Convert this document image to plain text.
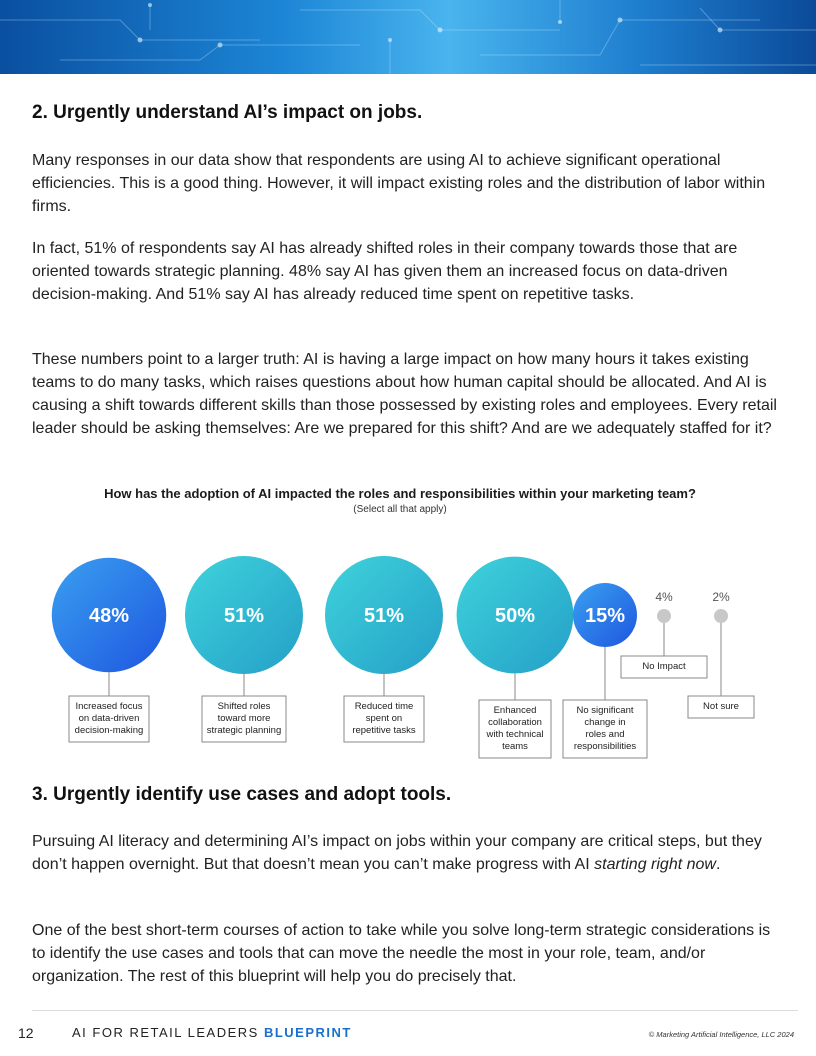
2. Urgently understand AI’s impact on jobs.

Many responses in our data show that respondents are using AI to achieve significant operational efficiencies. This is a good thing. However, it will impact existing roles and the distribution of labor within firms.

In fact, 51% of respondents say AI has already shifted roles in their company towards those that are oriented towards strategic planning. 48% say AI has given them an increased focus on data-driven decision-making. And 51% say AI has already reduced time spent on repetitive tasks.

These numbers point to a larger truth: AI is having a large impact on how many hours it takes existing teams to do many tasks, which raises questions about how human capital should be allocated. And AI is causing a shift towards different skills than those possessed by existing roles and employees. Every retail leader should be asking themselves: Are we prepared for this shift? And are we adequately staffed for it?

How has the adoption of AI impacted the roles and responsibilities within your marketing team?
(Select all that apply)
48%
Increased focus on data-driven decision-making
51%
Shifted roles toward more strategic planning
51%
Reduced time spent on repetitive tasks
50%
Enhanced collaboration with technical teams
15%
No significant change in roles and responsibilities
4%
No Impact
2%
Not sure
3. Urgently identify use cases and adopt tools.

Pursuing AI literacy and determining AI’s impact on jobs within your company are critical steps, but they don’t happen overnight. But that doesn’t mean you can’t make progress with AI starting right now.

One of the best short-term courses of action to take while you solve long-term strategic considerations is to identify the use cases and tools that can move the needle the most in your role, team, and/or organization. The rest of this blueprint will help you do precisely that.

12	AI FOR RETAIL LEADERS BLUEPRINT	© Marketing Artificial Intelligence, LLC 2024
